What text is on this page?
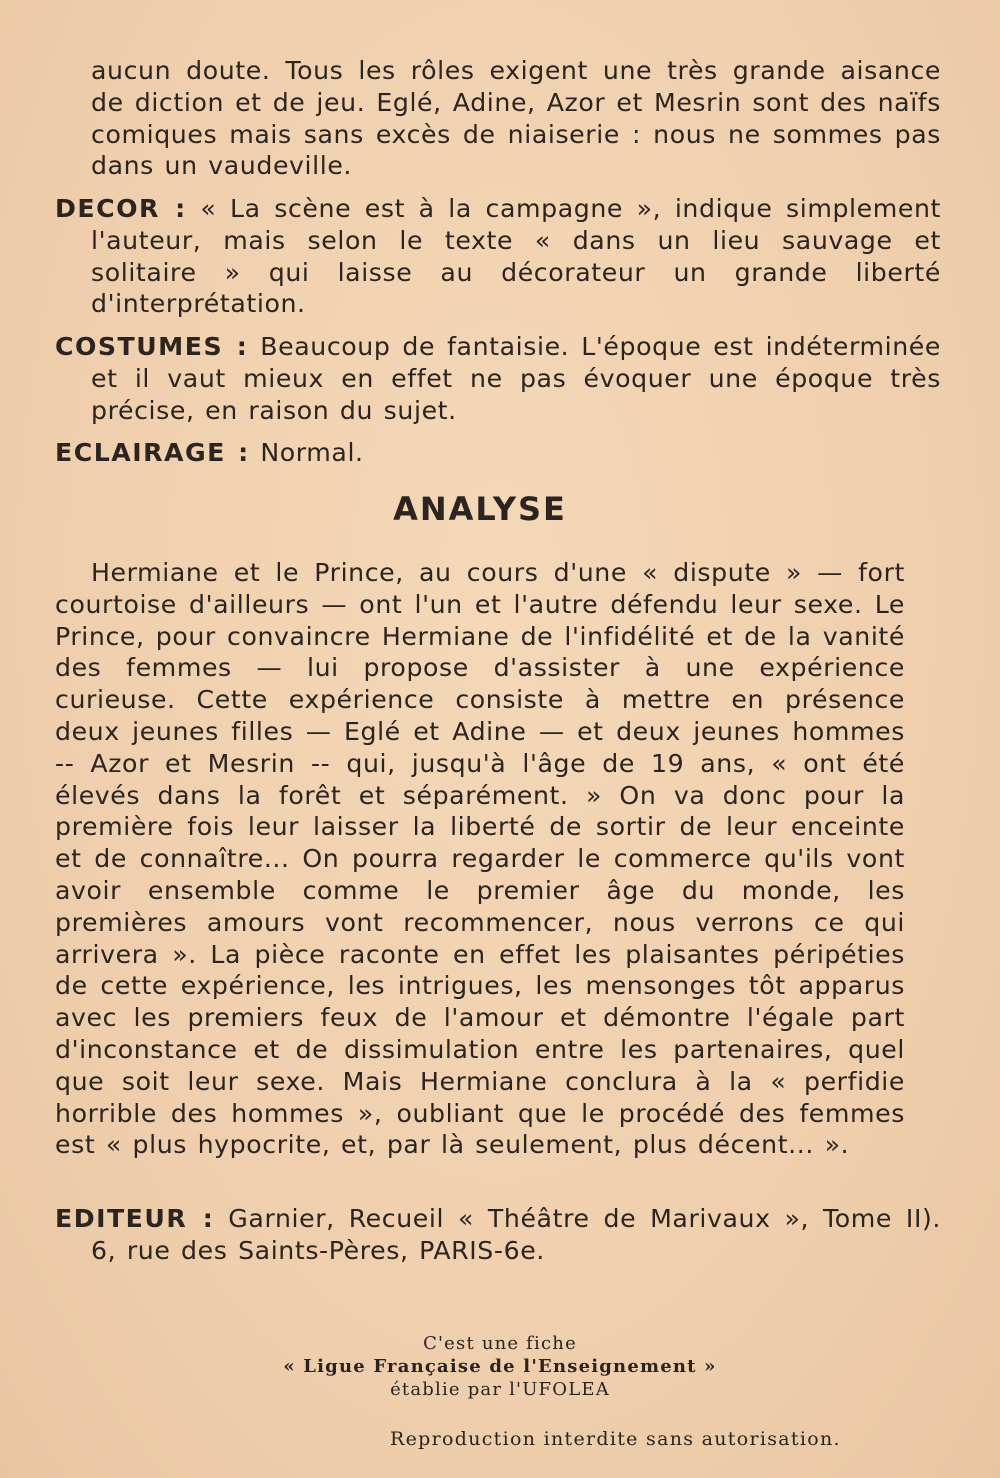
aucun doute. Tous les rôles exigent une très grande aisance de diction et de jeu. Eglé, Adine, Azor et Mesrin sont des naïfs comiques mais sans excès de niaiserie : nous ne sommes pas dans un vaudeville.

DECOR : « La scène est à la campagne », indique simplement l'auteur, mais selon le texte « dans un lieu sauvage et solitaire » qui laisse au décorateur un grande liberté d'interprétation.
COSTUMES : Beaucoup de fantaisie. L'époque est indéterminée et il vaut mieux en effet ne pas évoquer une époque très précise, en raison du sujet.
ECLAIRAGE : Normal.
ANALYSE
Hermiane et le Prince, au cours d'une « dispute » — fort courtoise d'ailleurs — ont l'un et l'autre défendu leur sexe. Le Prince, pour convaincre Hermiane de l'infidélité et de la vanité des femmes — lui propose d'assister à une expérience curieuse. Cette expérience consiste à mettre en présence deux jeunes filles — Eglé et Adine — et deux jeunes hommes -- Azor et Mesrin -- qui, jusqu'à l'âge de 19 ans, « ont été élevés dans la forêt et séparément. » On va donc pour la première fois leur laisser la liberté de sortir de leur enceinte et de connaître... On pourra regarder le commerce qu'ils vont avoir ensemble comme le premier âge du monde, les premières amours vont recommencer, nous verrons ce qui arrivera ». La pièce raconte en effet les plaisantes péripéties de cette expérience, les intrigues, les mensonges tôt apparus avec les premiers feux de l'amour et démontre l'égale part d'inconstance et de dissimulation entre les partenaires, quel que soit leur sexe. Mais Hermiane conclura à la « perfidie horrible des hommes », oubliant que le procédé des femmes est « plus hypocrite, et, par là seulement, plus décent... ».
EDITEUR : Garnier, Recueil « Théâtre de Marivaux », Tome II). 6, rue des Saints-Pères, PARIS-6e.
C'est une fiche
« Ligue Française de l'Enseignement »
établie par l'UFOLEA
Reproduction interdite sans autorisation.
